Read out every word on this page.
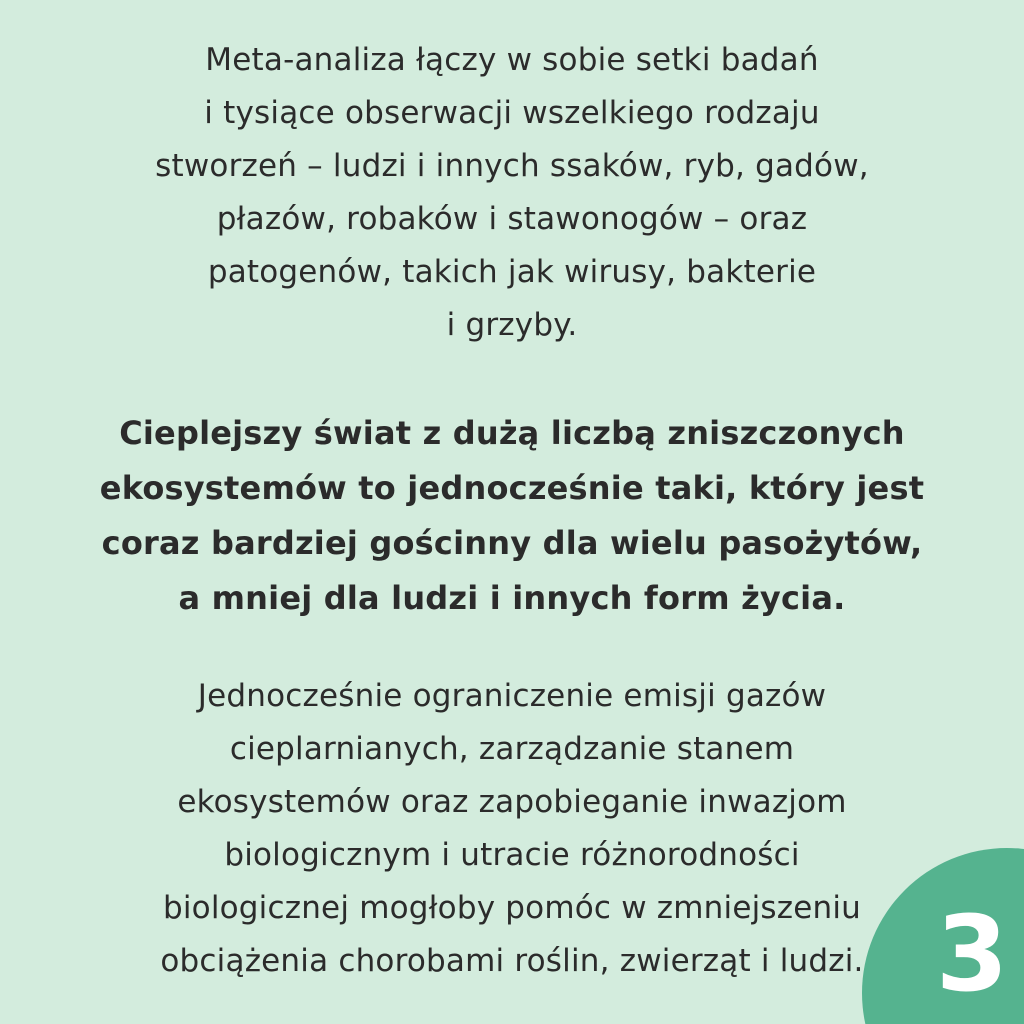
Meta-analiza łączy w sobie setki badań
i tysiące obserwacji wszelkiego rodzaju
stworzeń – ludzi i innych ssaków, ryb, gadów,
płazów, robaków i stawonogów – oraz
patogenów, takich jak wirusy, bakterie
i grzyby.
Cieplejszy świat z dużą liczbą zniszczonych
ekosystemów to jednocześnie taki, który jest
coraz bardziej gościnny dla wielu pasożytów,
a mniej dla ludzi i innych form życia.
Jednocześnie ograniczenie emisji gazów
cieplarnianych, zarządzanie stanem
ekosystemów oraz zapobieganie inwazjom
biologicznym i utracie różnorodności
biologicznej mogłoby pomóc w zmniejszeniu
obciążenia chorobami roślin, zwierząt i ludzi. 3
